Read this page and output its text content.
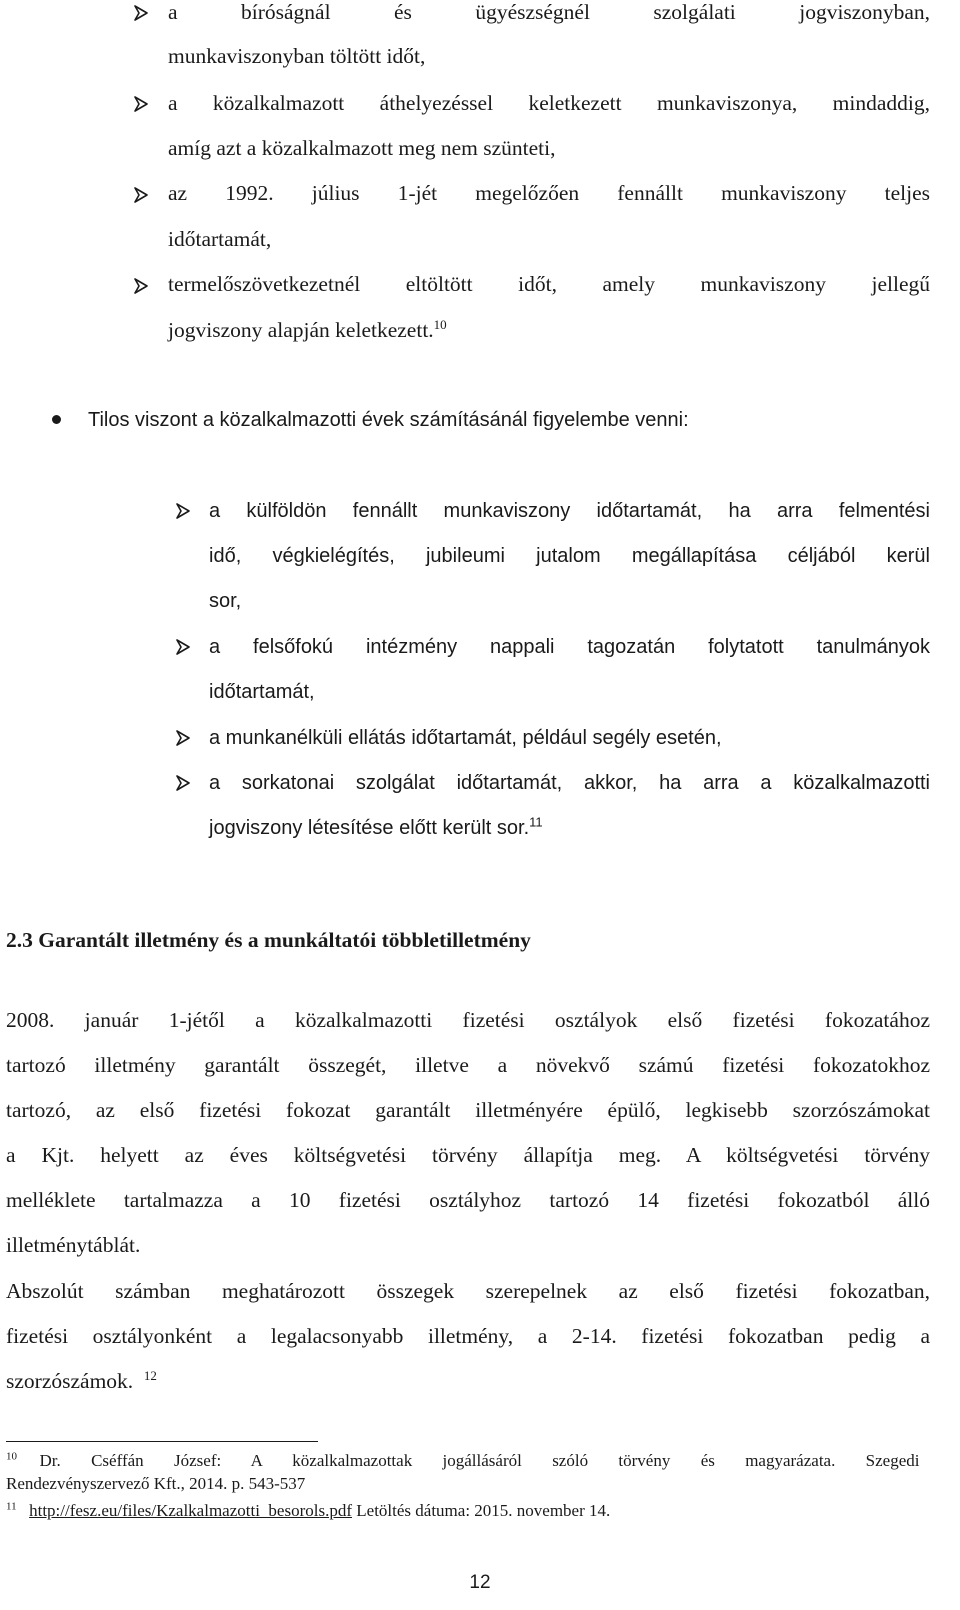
a bíróságnál és ügyészségnél szolgálati jogviszonyban,
munkaviszonyban töltött időt,
a közalkalmazott áthelyezéssel keletkezett munkaviszonya, mindaddig,
amíg azt a közalkalmazott meg nem szünteti,
az 1992. július 1-jét megelőzően fennállt munkaviszony teljes
időtartamát,
termelőszövetkezetnél eltöltött időt, amely munkaviszony jellegű
jogviszony alapján keletkezett.$^{10}$
Tilos viszont a közalkalmazotti évek számításánál figyelembe venni:
a külföldön fennállt munkaviszony időtartamát, ha arra felmentési
idő, végkielégítés, jubileumi jutalom megállapítása céljából kerül
sor,
a felsőfokú intézmény nappali tagozatán folytatott tanulmányok
időtartamát,
a munkanélküli ellátás időtartamát, például segély esetén,
a sorkatonai szolgálat időtartamát, akkor, ha arra a közalkalmazotti
jogviszony létesítése előtt került sor.$^{11}$
2.3 Garantált illetmény és a munkáltatói többletilletmény
2008. január 1-jétől a közalkalmazotti fizetési osztályok első fizetési fokozatához
tartozó illetmény garantált összegét, illetve a növekvő számú fizetési fokozatokhoz
tartozó, az első fizetési fokozat garantált illetményére épülő, legkisebb szorzószámokat
a Kjt. helyett az éves költségvetési törvény állapítja meg. A költségvetési törvény
melléklete tartalmazza a 10 fizetési osztályhoz tartozó 14 fizetési fokozatból álló
illetménytáblát.
Abszolút számban meghatározott összegek szerepelnek az első fizetési fokozatban,
fizetési osztályonként a legalacsonyabb illetmény, a 2-14. fizetési fokozatban pedig a
szorzószámok. $^{12}$
$^{10}$ Dr. Cséffán József: A közalkalmazottak jogállásáról szóló törvény és magyarázata. Szegedi
Rendezvényszervező Kft., 2014. p. 543-537
$^{11}$ http://fesz.eu/files/Kzalkalmazotti_besorols.pdf Letöltés dátuma: 2015. november 14.
12
